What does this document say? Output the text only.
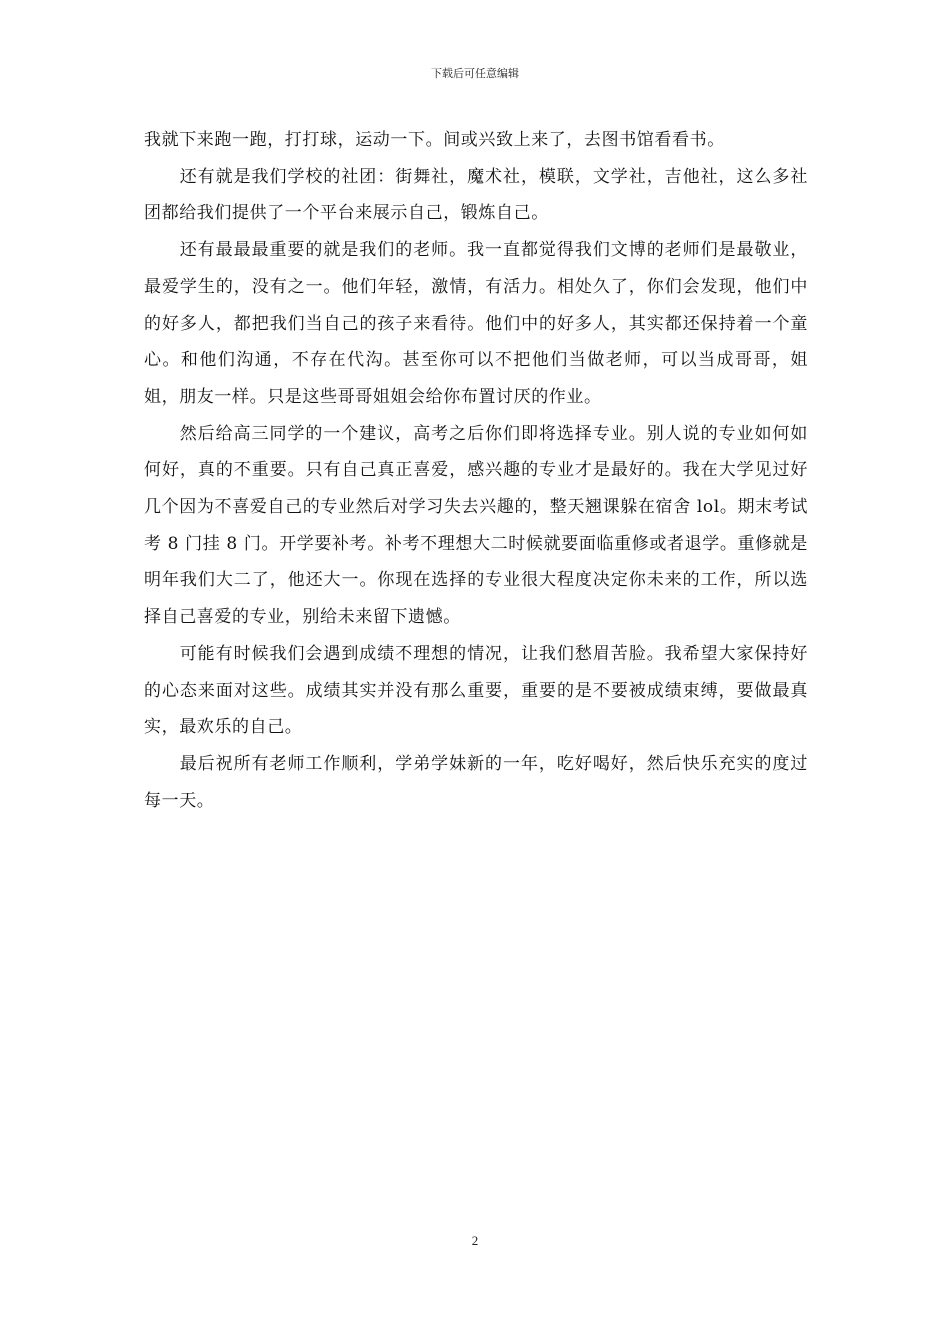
下载后可任意编辑

我就下来跑一跑，打打球，运动一下。间或兴致上来了，去图书馆看看书。

还有就是我们学校的社团：街舞社，魔术社，模联，文学社，吉他社，这么多社团都给我们提供了一个平台来展示自己，锻炼自己。

还有最最最重要的就是我们的老师。我一直都觉得我们文博的老师们是最敬业，最爱学生的，没有之一。他们年轻，激情，有活力。相处久了，你们会发现，他们中的好多人，都把我们当自己的孩子来看待。他们中的好多人，其实都还保持着一个童心。和他们沟通，不存在代沟。甚至你可以不把他们当做老师，可以当成哥哥，姐姐，朋友一样。只是这些哥哥姐姐会给你布置讨厌的作业。

然后给高三同学的一个建议，高考之后你们即将选择专业。别人说的专业如何如何好，真的不重要。只有自己真正喜爱，感兴趣的专业才是最好的。我在大学见过好几个因为不喜爱自己的专业然后对学习失去兴趣的，整天翘课躲在宿舍 lol。期末考试考 8 门挂 8 门。开学要补考。补考不理想大二时候就要面临重修或者退学。重修就是明年我们大二了，他还大一。你现在选择的专业很大程度决定你未来的工作，所以选择自己喜爱的专业，别给未来留下遗憾。

可能有时候我们会遇到成绩不理想的情况，让我们愁眉苦脸。我希望大家保持好的心态来面对这些。成绩其实并没有那么重要，重要的是不要被成绩束缚，要做最真实，最欢乐的自己。

最后祝所有老师工作顺利，学弟学妹新的一年，吃好喝好，然后快乐充实的度过每一天。

2
